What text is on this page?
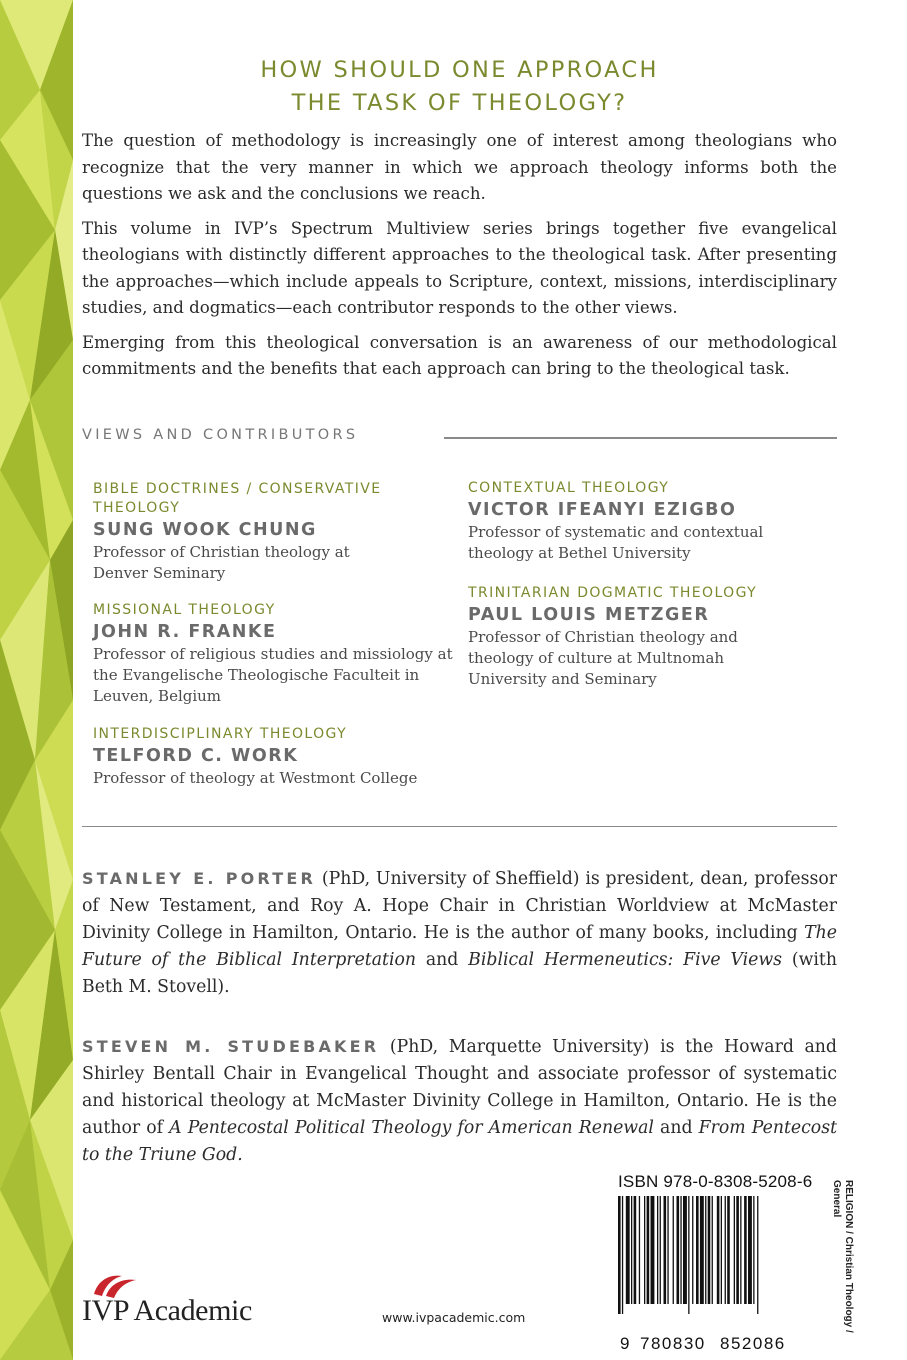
HOW SHOULD ONE APPROACH
THE TASK OF THEOLOGY?

The question of methodology is increasingly one of interest among theologians who recognize that the very manner in which we approach theology informs both the questions we ask and the conclusions we reach.

This volume in IVP’s Spectrum Multiview series brings together five evangelical theologians with distinctly different approaches to the theological task. After presenting the approaches—which include appeals to Scripture, context, missions, interdisciplinary studies, and dogmatics—each contributor responds to the other views.

Emerging from this theological conversation is an awareness of our methodological commitments and the benefits that each approach can bring to the theological task.

VIEWS AND CONTRIBUTORS
BIBLE DOCTRINES / CONSERVATIVE THEOLOGY
SUNG WOOK CHUNG
Professor of Christian theology at Denver Seminary
MISSIONAL THEOLOGY
JOHN R. FRANKE
Professor of religious studies and missiology at the Evangelische Theologische Faculteit in Leuven, Belgium
INTERDISCIPLINARY THEOLOGY
TELFORD C. WORK
Professor of theology at Westmont College
CONTEXTUAL THEOLOGY
VICTOR IFEANYI EZIGBO
Professor of systematic and contextual theology at Bethel University
TRINITARIAN DOGMATIC THEOLOGY
PAUL LOUIS METZGER
Professor of Christian theology and theology of culture at Multnomah University and Seminary
STANLEY E. PORTER (PhD, University of Sheffield) is president, dean, professor of New Testament, and Roy A. Hope Chair in Christian Worldview at McMaster Divinity College in Hamilton, Ontario. He is the author of many books, including The Future of the Biblical Interpretation and Biblical Hermeneutics: Five Views (with Beth M. Stovell).
STEVEN M. STUDEBAKER (PhD, Marquette University) is the Howard and Shirley Bentall Chair in Evangelical Thought and associate professor of systematic and historical theology at McMaster Divinity College in Hamilton, Ontario. He is the author of A Pentecostal Political Theology for American Renewal and From Pentecost to the Triune God.
IVP Academic	www.ivpacademic.com
ISBN 978-0-8308-5208-6
9 780830 852086
RELIGION / Christian Theology /
General
